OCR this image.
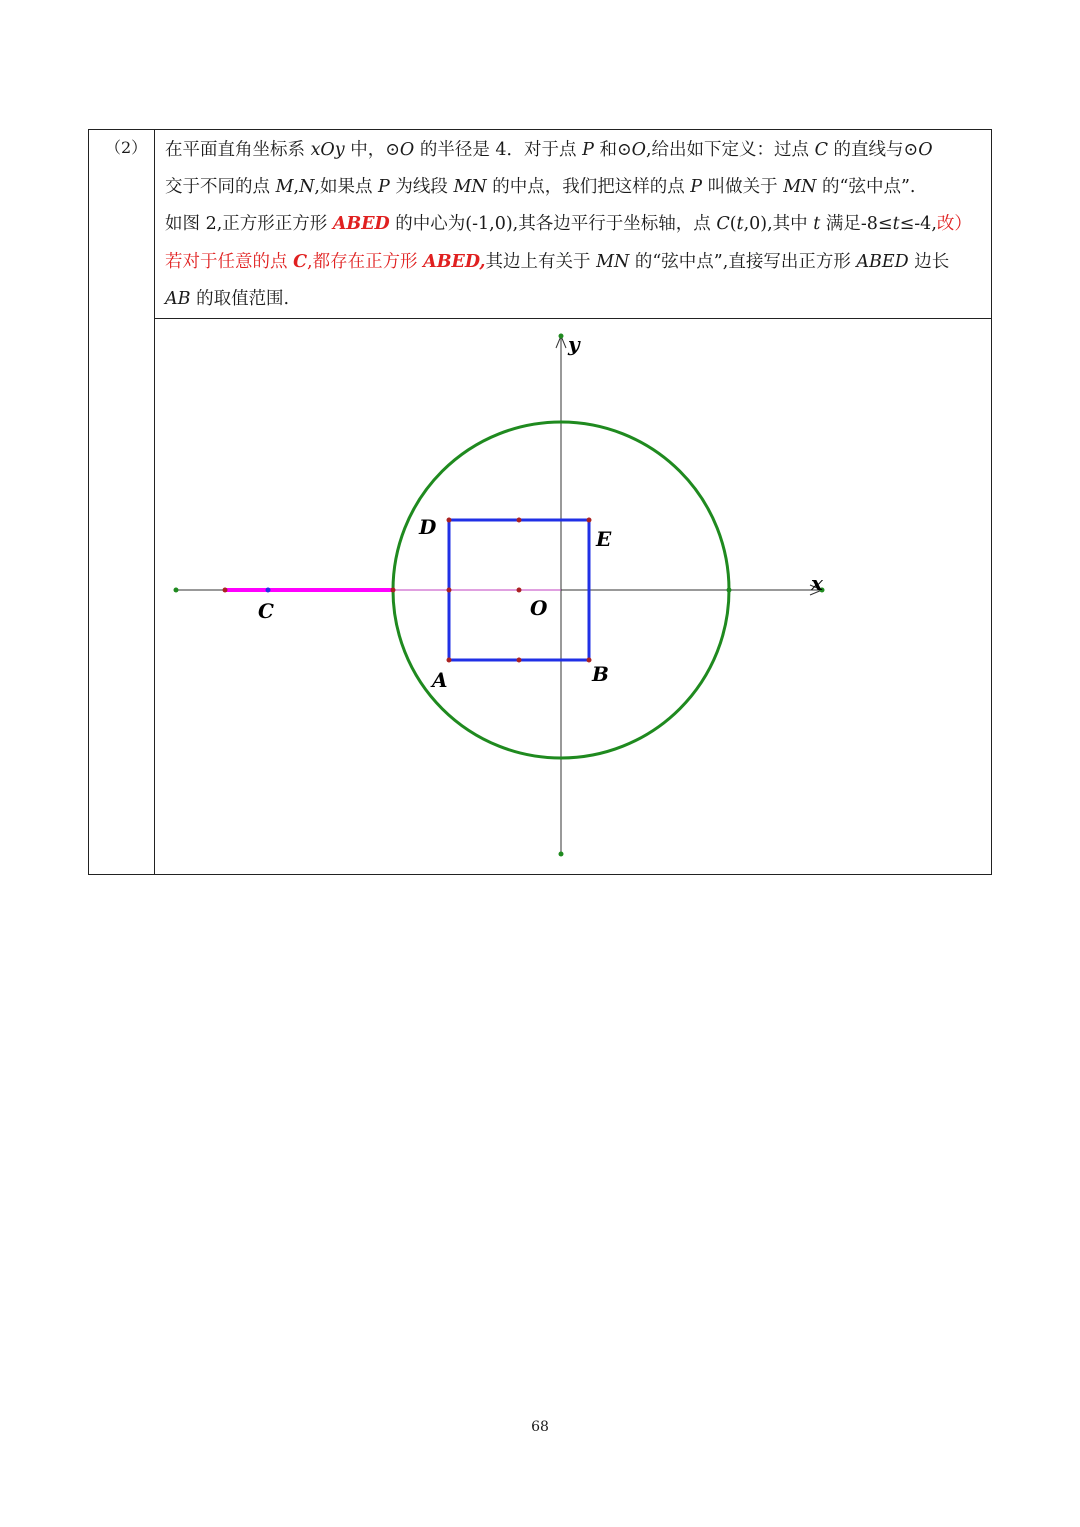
（2） 在平面直角坐标系 xOy 中，⊙O 的半径是 4．对于点 P 和⊙O,给出如下定义：过点 C 的直线与⊙O
交于不同的点 M,N,如果点 P 为线段 MN 的中点，我们把这样的点 P 叫做关于 MN 的“弦中点”.
如图 2,正方形正方形 ABED 的中心为(-1,0),其各边平行于坐标轴，点 C(t,0),其中 t 满足-8≤t≤-4,改）
若对于任意的点 C,都存在正方形 ABED,其边上有关于 MN 的“弦中点”,直接写出正方形 ABED 边长
AB 的取值范围.
y
x
O
D	E
A	B
C
68
